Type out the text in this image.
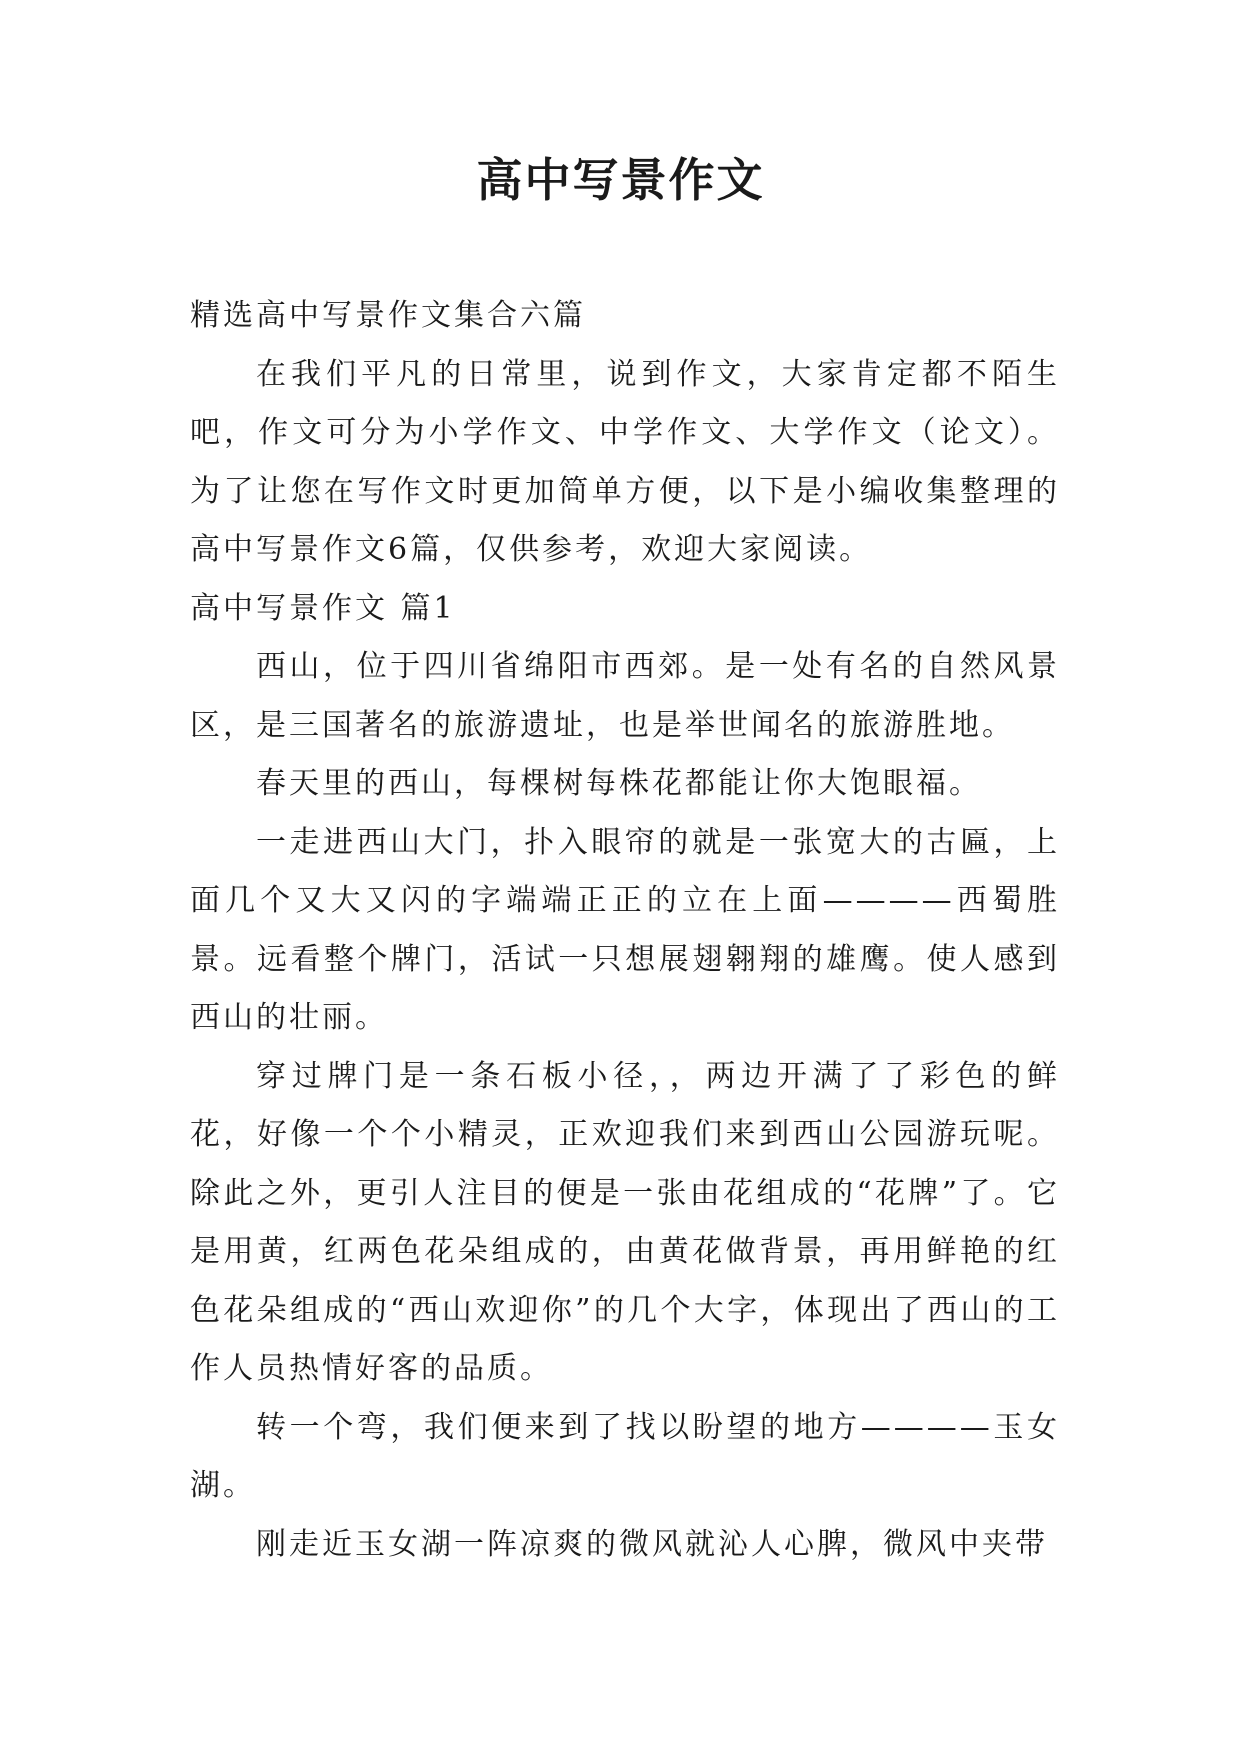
高中写景作文

精选高中写景作文集合六篇

在我们平凡的日常里，说到作文，大家肯定都不陌生吧，作文可分为小学作文、中学作文、大学作文（论文）。为了让您在写作文时更加简单方便，以下是小编收集整理的高中写景作文6篇，仅供参考，欢迎大家阅读。

高中写景作文 篇1

西山，位于四川省绵阳市西郊。是一处有名的自然风景区，是三国著名的旅游遗址，也是举世闻名的旅游胜地。

春天里的西山，每棵树每株花都能让你大饱眼福。

一走进西山大门，扑入眼帘的就是一张宽大的古匾，上面几个又大又闪的字端端正正的立在上面————西蜀胜景。远看整个牌门，活试一只想展翅翱翔的雄鹰。使人感到西山的壮丽。

穿过牌门是一条石板小径，，两边开满了了彩色的鲜花，好像一个个小精灵，正欢迎我们来到西山公园游玩呢。除此之外，更引人注目的便是一张由花组成的“花牌”了。它是用黄，红两色花朵组成的，由黄花做背景，再用鲜艳的红色花朵组成的“西山欢迎你”的几个大字，体现出了西山的工作人员热情好客的品质。

转一个弯，我们便来到了找以盼望的地方————玉女湖。

刚走近玉女湖一阵凉爽的微风就沁人心脾，微风中夹带
